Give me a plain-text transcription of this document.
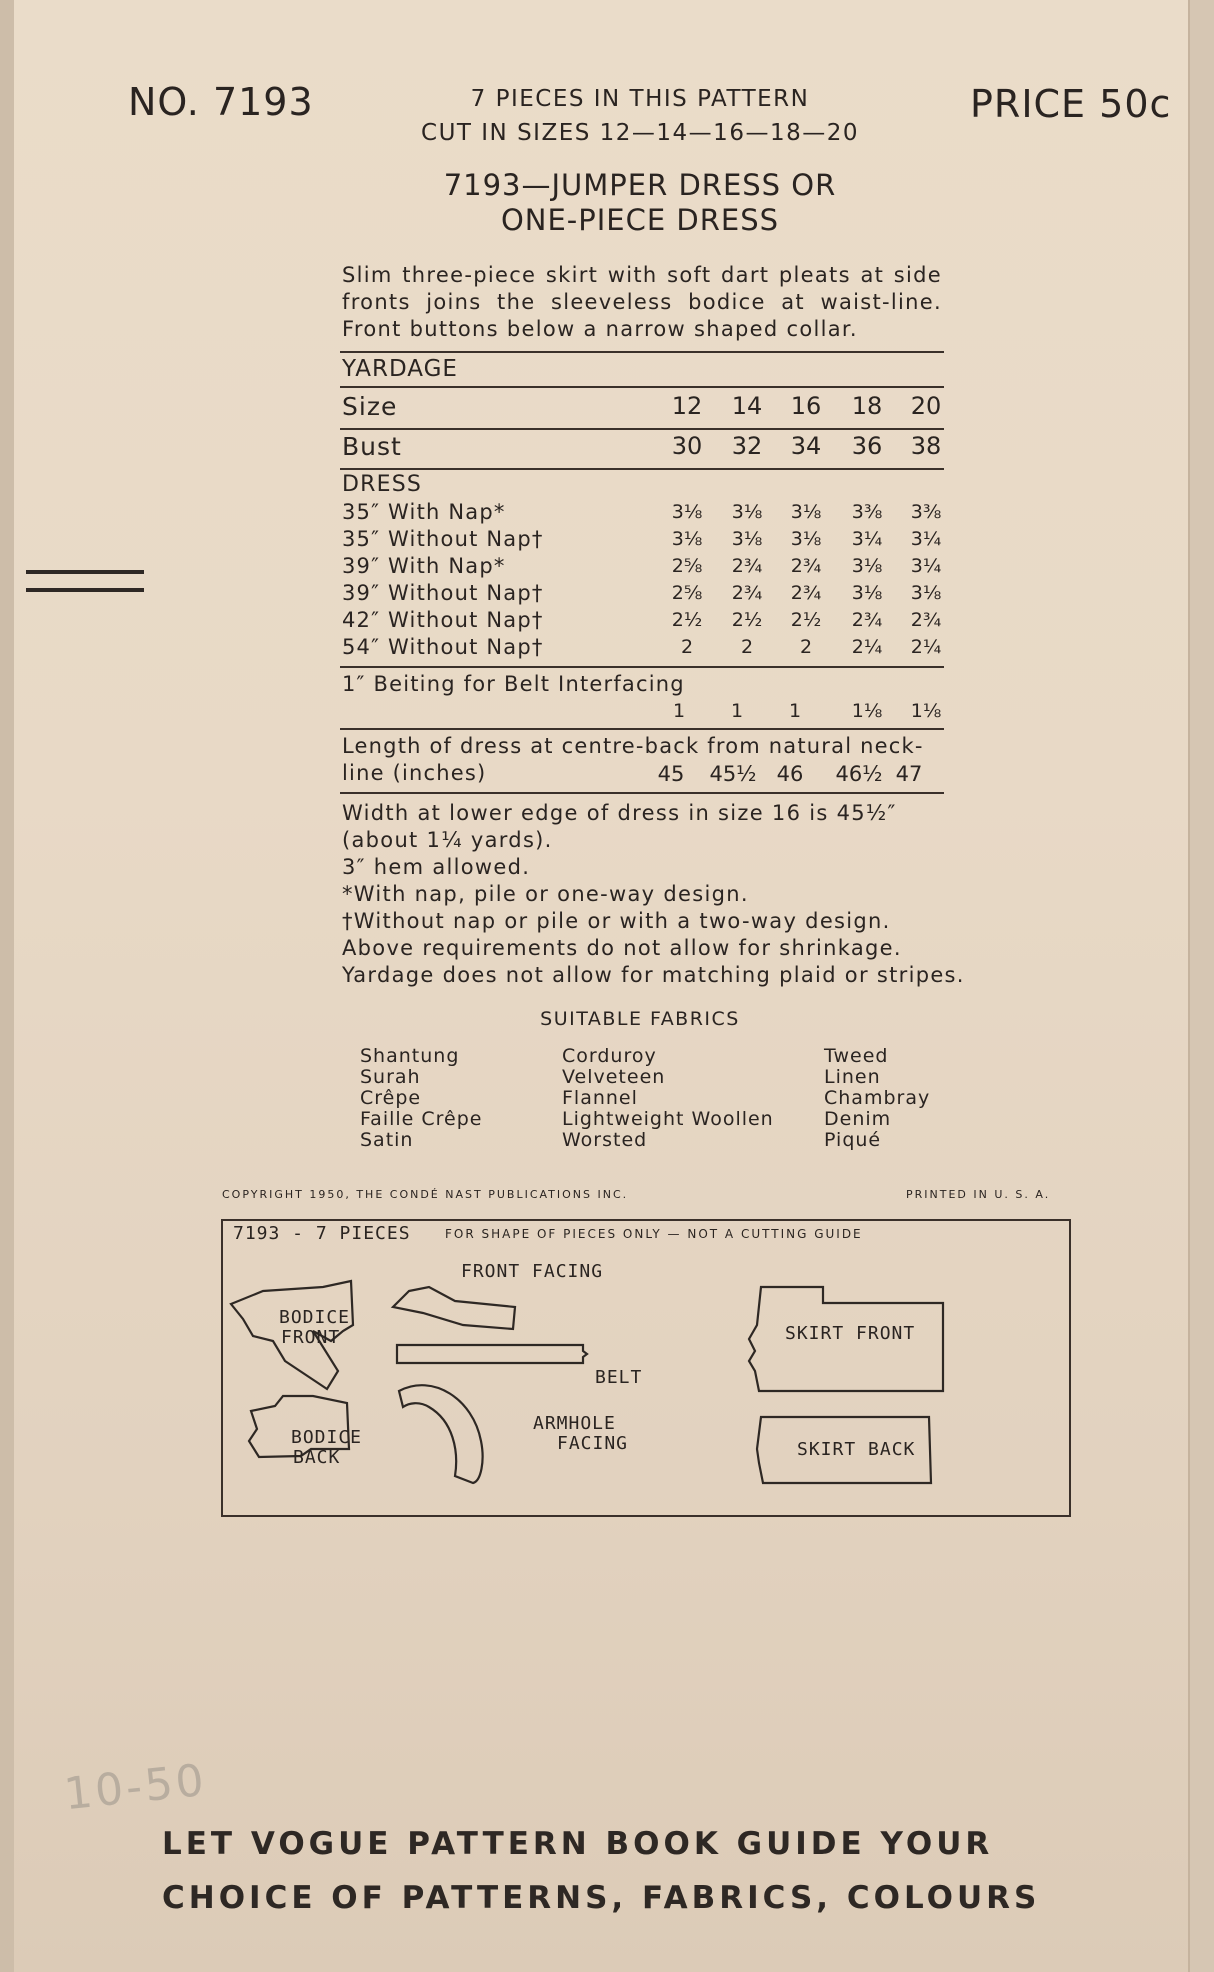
NO. 7193	7 PIECES IN THIS PATTERN
CUT IN SIZES 12—14—16—18—20
PRICE 50c
7193—JUMPER DRESS OR
ONE-PIECE DRESS
Slim three-piece skirt with soft dart pleats at side fronts joins the sleeveless bodice at waist-line. Front buttons below a narrow shaped collar.
YARDAGE
Size	12	14	16	18	20
Bust	30	32	34	36	38
DRESS
35″ With Nap*	3⅛	3⅛	3⅛	3⅜	3⅜
35″ Without Nap†	3⅛	3⅛	3⅛	3¼	3¼
39″ With Nap*	2⅝	2¾	2¾	3⅛	3¼
39″ Without Nap†	2⅝	2¾	2¾	3⅛	3⅛
42″ Without Nap†	2½	2½	2½	2¾	2¾
54″ Without Nap†	2	2	2	2¼	2¼
1″ Beiting for Belt Interfacing
1	1	1	1⅛	1⅛
Length of dress at centre-back from natural neck-
line (inches)	45	45½ 46	46½ 47
Width at lower edge of dress in size 16 is 45½″
(about 1¼ yards).
3″ hem allowed.
*With nap, pile or one-way design.
†Without nap or pile or with a two-way design.
Above requirements do not allow for shrinkage.
Yardage does not allow for matching plaid or stripes.
SUITABLE FABRICS
Shantung
Surah
Crêpe
Faille Crêpe
Satin
Corduroy
Velveteen
Flannel
Lightweight Woollen
Worsted
Tweed
Linen
Chambray
Denim
Piqué
COPYRIGHT 1950, THE CONDÉ NAST PUBLICATIONS INC.	PRINTED IN U. S. A.
7193 - 7 PIECES	FOR SHAPE OF PIECES ONLY — NOT A CUTTING GUIDE
BODICE
FRONT
BODICE
BACK
FRONT FACING
BELT
ARMHOLE
FACING
SKIRT FRONT
SKIRT BACK
10-50
LET VOGUE PATTERN BOOK GUIDE YOUR
CHOICE OF PATTERNS, FABRICS, COLOURS
